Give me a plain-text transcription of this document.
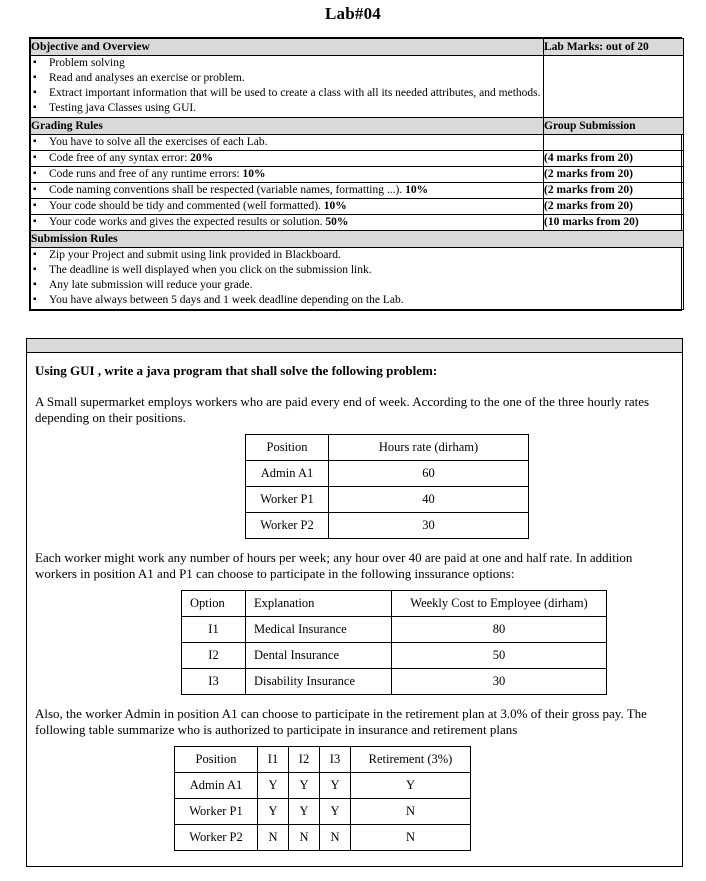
Lab#04
Objective and Overview	Lab Marks: out of 20

▪ Problem solving
▪ Read and analyses an exercise or problem.
▪ Extract important information that will be used to create a class with all its needed attributes, and methods.
▪ Testing java Classes using GUI.

Grading Rules	Group Submission

▪ You have to solve all the exercises of each Lab.

▪ Code free of any syntax error: 20%	(4 marks from 20)

▪ Code runs and free of any runtime errors: 10%	(2 marks from 20)

▪ Code naming conventions shall be respected (variable names, formatting ...). 10%	(2 marks from 20)

▪ Your code should be tidy and commented (well formatted). 10%	(2 marks from 20)

▪ Your code works and gives the expected results or solution. 50%	(10 marks from 20)
Submission Rules	

▪ Zip your Project and submit using link provided in Blackboard.
▪ The deadline is well displayed when you click on the submission link.
▪ Any late submission will reduce your grade.
▪ You have always between 5 days and 1 week deadline depending on the Lab.
Using GUI , write a java program that shall solve the following problem:

A Small supermarket employs workers who are paid every end of week. According to the one of the three hourly rates depending on their positions.

Position	Hours rate (dirham)
Admin A1	60
Worker P1	40
Worker P2	30

Each worker might work any number of hours per week; any hour over 40 are paid at one and half rate. In addition workers in position A1 and P1 can choose to participate in the following inssurance options:

Option	Explanation	Weekly Cost to Employee (dirham)
I1	Medical Insurance	80
I2	Dental Insurance	50
I3	Disability Insurance	30

Also, the worker Admin in position A1 can choose to participate in the retirement plan at 3.0% of their gross pay. The following table summarize who is authorized to participate in insurance and retirement plans

Position	I1	I2	I3	Retirement (3%)
Admin A1	Y	Y	Y	Y
Worker P1	Y	Y	Y	N
Worker P2	N	N	N	N
